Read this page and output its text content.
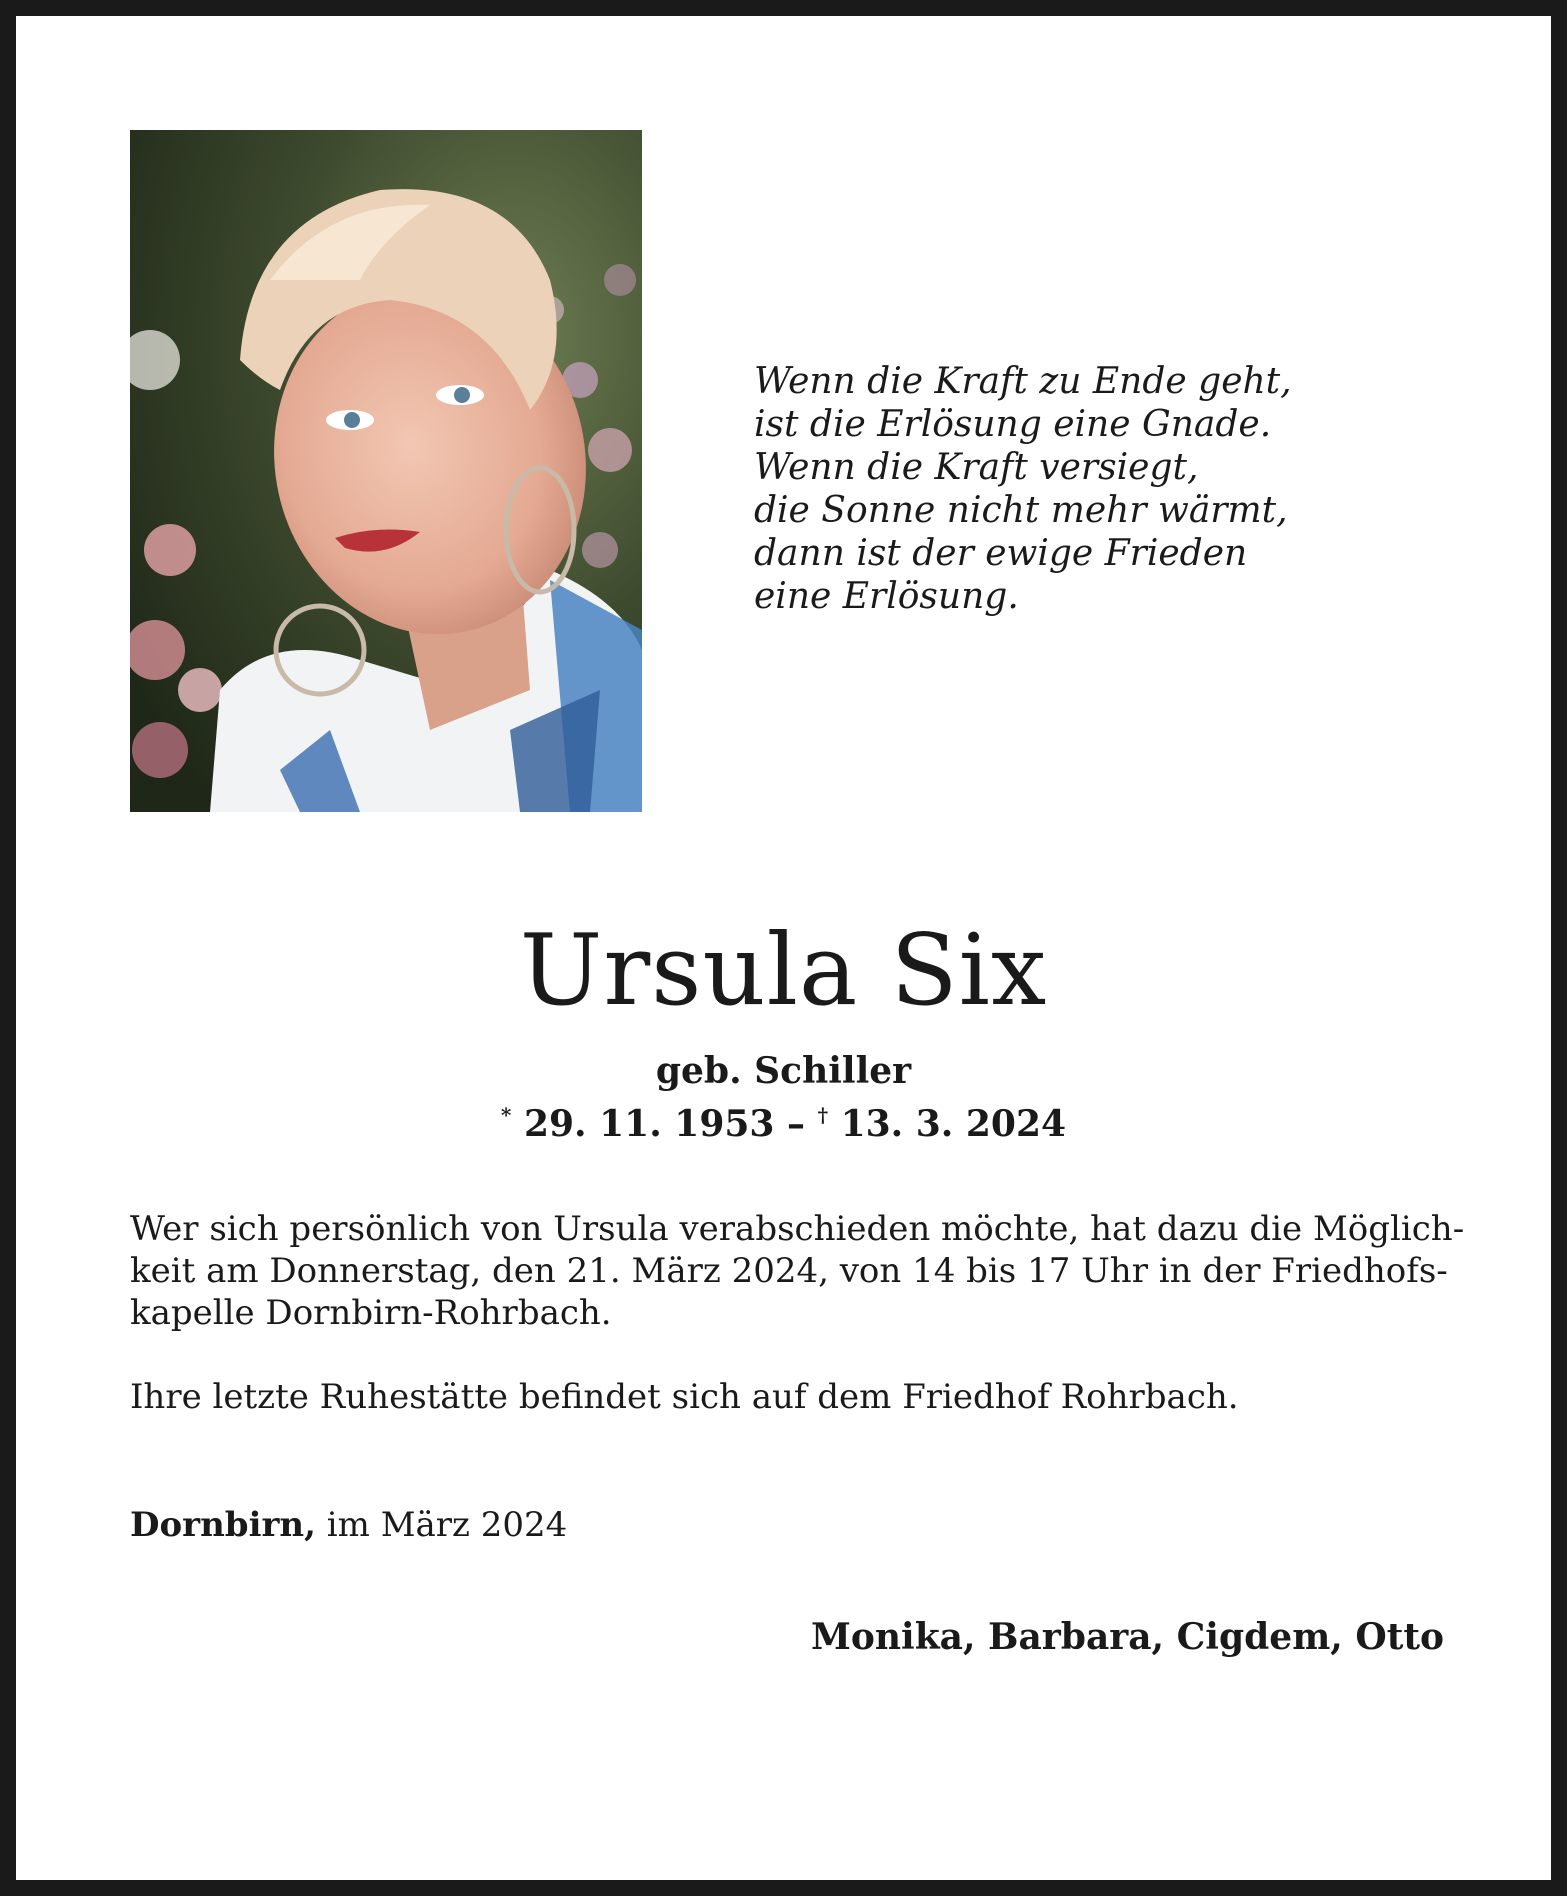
Wenn die Kraft zu Ende geht,
ist die Erlösung eine Gnade.
Wenn die Kraft versiegt,
die Sonne nicht mehr wärmt,
dann ist der ewige Frieden
eine Erlösung.
Ursula Six
geb. Schiller
* 29. 11. 1953 – † 13. 3. 2024
Wer sich persönlich von Ursula verabschieden möchte, hat dazu die Möglich-
keit am Donnerstag, den 21. März 2024, von 14 bis 17 Uhr in der Friedhofs-
kapelle Dornbirn-Rohrbach.
Ihre letzte Ruhestätte befindet sich auf dem Friedhof Rohrbach.
Dornbirn, im März 2024
Monika, Barbara, Cigdem, Otto
